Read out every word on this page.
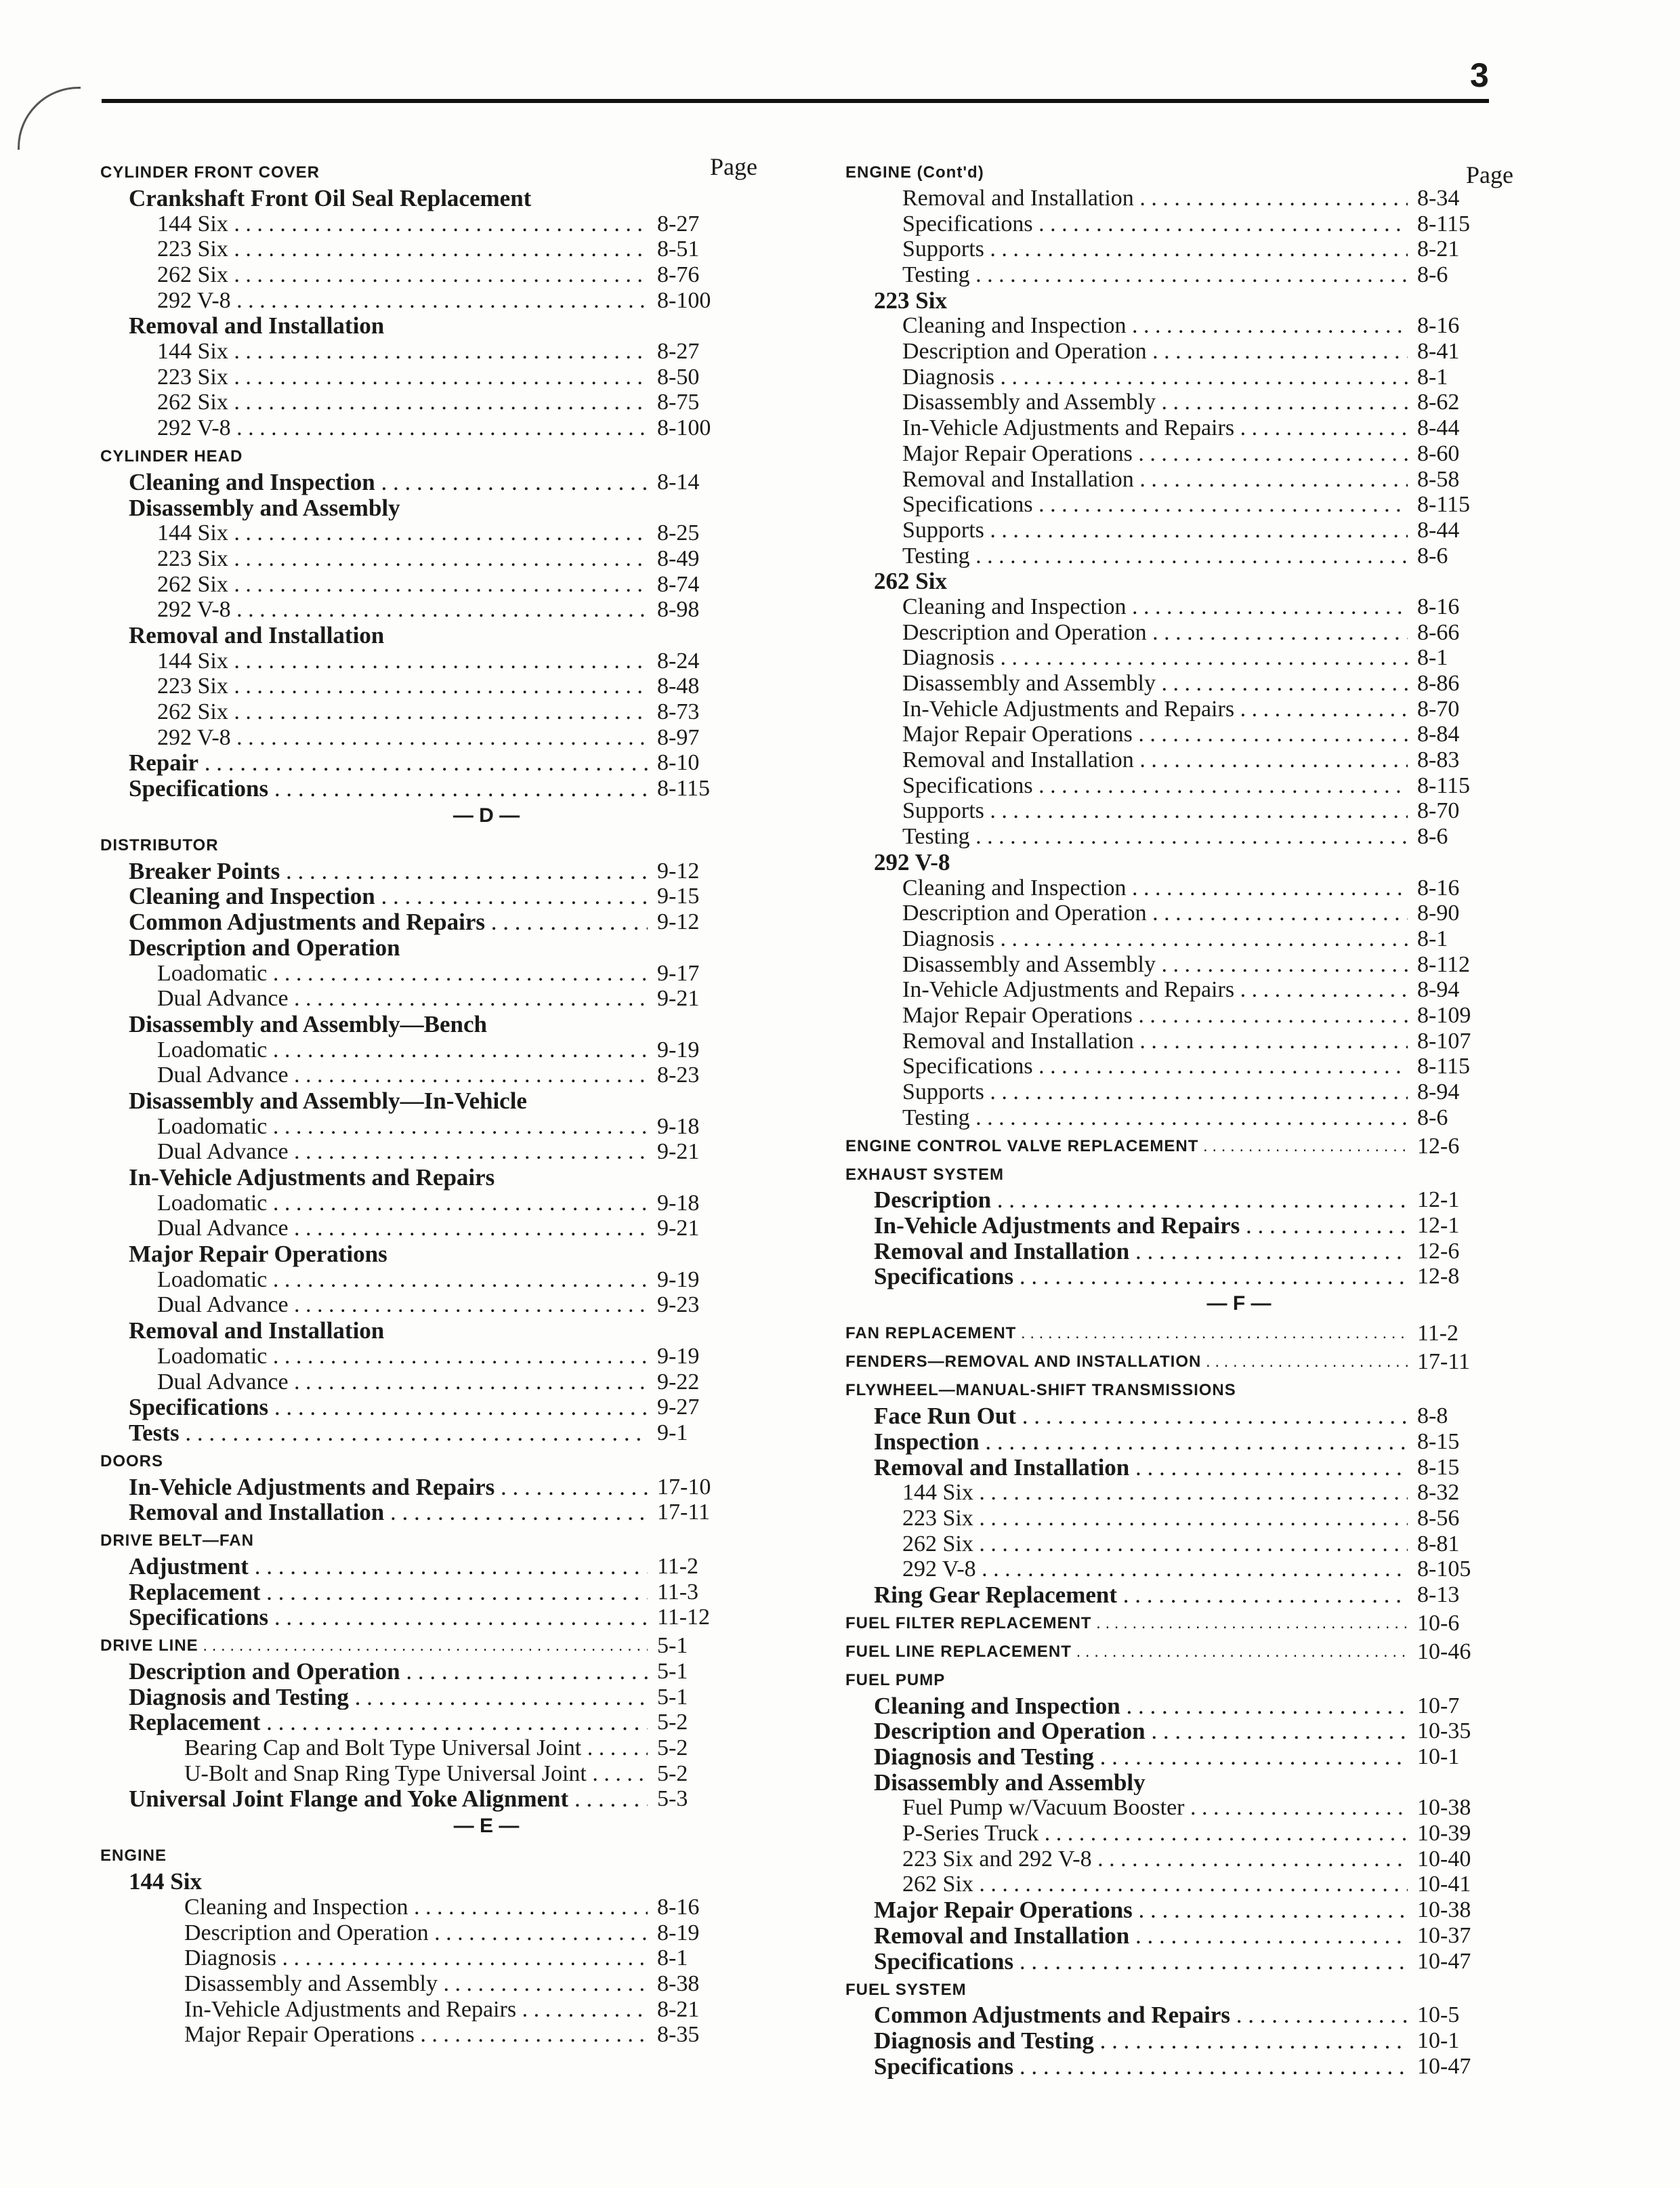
3
Page
CYLINDER FRONT COVER
Crankshaft Front Oil Seal Replacement
144 Six . . .	8-27
223 Six . . .	8-51
262 Six . . .	8-76
292 V-8 . . .	8-100
Removal and Installation
144 Six . . .	8-27
223 Six . . .	8-50
262 Six . . .	8-75
292 V-8 . . .	8-100
CYLINDER HEAD
Cleaning and Inspection . . .	8-14
Disassembly and Assembly
144 Six . . .	8-25
223 Six . . .	8-49
262 Six . . .	8-74
292 V-8 . . .	8-98
Removal and Installation
144 Six . . .	8-24
223 Six . . .	8-48
262 Six . . .	8-73
292 V-8 . . .	8-97
Repair . . .	8-10
Specifications . . .	8-115
— D —
DISTRIBUTOR
Breaker Points . . .	9-12
Cleaning and Inspection . . .	9-15
Common Adjustments and Repairs . . .	9-12
Description and Operation
Loadomatic . . .	9-17
Dual Advance . . .	9-21
Disassembly and Assembly—Bench
Loadomatic . . .	9-19
Dual Advance . . .	8-23
Disassembly and Assembly—In-Vehicle
Loadomatic . . .	9-18
Dual Advance . . .	9-21
In-Vehicle Adjustments and Repairs
Loadomatic . . .	9-18
Dual Advance . . .	9-21
Major Repair Operations
Loadomatic . . .	9-19
Dual Advance . . .	9-23
Removal and Installation
Loadomatic . . .	9-19
Dual Advance . . .	9-22
Specifications . . .	9-27
Tests . . .	9-1
DOORS
In-Vehicle Adjustments and Repairs . . .	17-10
Removal and Installation . . .	17-11
DRIVE BELT—FAN
Adjustment . . .	11-2
Replacement . . .	11-3
Specifications . . .	11-12
DRIVE LINE . . .	5-1
Description and Operation . . .	5-1
Diagnosis and Testing . . .	5-1
Replacement . . .	5-2
Bearing Cap and Bolt Type Universal Joint . . .	5-2
U-Bolt and Snap Ring Type Universal Joint . . .	5-2
Universal Joint Flange and Yoke Alignment . . .	5-3
— E —
ENGINE
144 Six
Cleaning and Inspection . . .	8-16
Description and Operation . . .	8-19
Diagnosis . . .	8-1
Disassembly and Assembly . . .	8-38
In-Vehicle Adjustments and Repairs . . .	8-21
Major Repair Operations . . .	8-35
Page
ENGINE (Cont'd)
Removal and Installation . . .	8-34
Specifications . . .	8-115
Supports . . .	8-21
Testing . . .	8-6
223 Six
Cleaning and Inspection . . .	8-16
Description and Operation . . .	8-41
Diagnosis . . .	8-1
Disassembly and Assembly . . .	8-62
In-Vehicle Adjustments and Repairs . . .	8-44
Major Repair Operations . . .	8-60
Removal and Installation . . .	8-58
Specifications . . .	8-115
Supports . . .	8-44
Testing . . .	8-6
262 Six
Cleaning and Inspection . . .	8-16
Description and Operation . . .	8-66
Diagnosis . . .	8-1
Disassembly and Assembly . . .	8-86
In-Vehicle Adjustments and Repairs . . .	8-70
Major Repair Operations . . .	8-84
Removal and Installation . . .	8-83
Specifications . . .	8-115
Supports . . .	8-70
Testing . . .	8-6
292 V-8
Cleaning and Inspection . . .	8-16
Description and Operation . . .	8-90
Diagnosis . . .	8-1
Disassembly and Assembly . . .	8-112
In-Vehicle Adjustments and Repairs . . .	8-94
Major Repair Operations . . .	8-109
Removal and Installation . . .	8-107
Specifications . . .	8-115
Supports . . .	8-94
Testing . . .	8-6
ENGINE CONTROL VALVE REPLACEMENT . . .	12-6
EXHAUST SYSTEM
Description . . .	12-1
In-Vehicle Adjustments and Repairs . . .	12-1
Removal and Installation . . .	12-6
Specifications . . .	12-8
— F —
FAN REPLACEMENT . . .	11-2
FENDERS—REMOVAL AND INSTALLATION . . .	17-11
FLYWHEEL—MANUAL-SHIFT TRANSMISSIONS
Face Run Out . . .	8-8
Inspection . . .	8-15
Removal and Installation . . .	8-15
144 Six . . .	8-32
223 Six . . .	8-56
262 Six . . .	8-81
292 V-8 . . .	8-105
Ring Gear Replacement . . .	8-13
FUEL FILTER REPLACEMENT . . .	10-6
FUEL LINE REPLACEMENT . . .	10-46
FUEL PUMP
Cleaning and Inspection . . .	10-7
Description and Operation . . .	10-35
Diagnosis and Testing . . .	10-1
Disassembly and Assembly
Fuel Pump w/Vacuum Booster . . .	10-38
P-Series Truck . . .	10-39
223 Six and 292 V-8 . . .	10-40
262 Six . . .	10-41
Major Repair Operations . . .	10-38
Removal and Installation . . .	10-37
Specifications . . .	10-47
FUEL SYSTEM
Common Adjustments and Repairs . . .	10-5
Diagnosis and Testing . . .	10-1
Specifications . . .	10-47
